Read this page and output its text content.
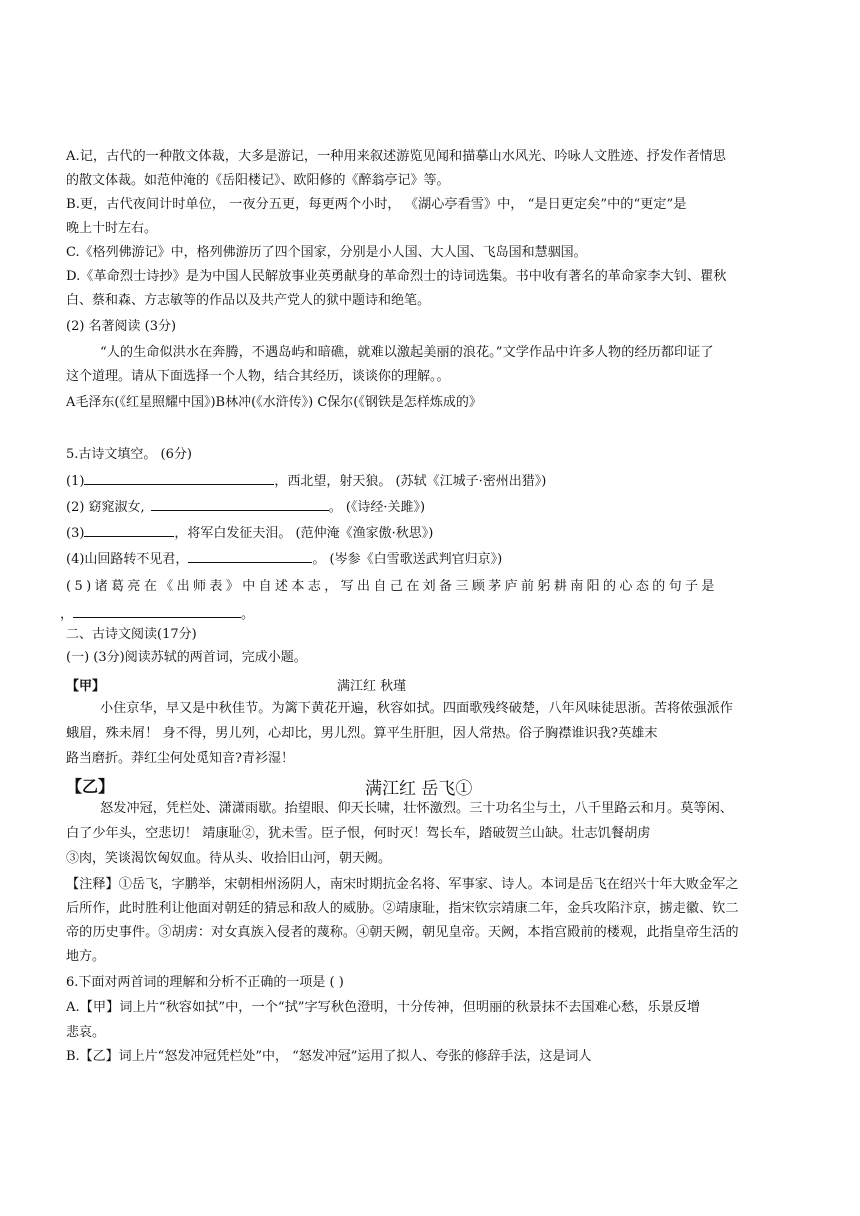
A.记，古代的一种散文体裁，大多是游记，一种用来叙述游览见闻和描摹山水风光、吟咏人文胜迹、抒发作者情思
的散文体裁。如范仲淹的《岳阳楼记》、欧阳修的《醉翁亭记》等。
B.更，古代夜间计时单位， 一夜分五更，每更两个小时， 《湖心亭看雪》中， “是日更定矣”中的“更定”是
晚上十时左右。
C.《格列佛游记》中，格列佛游历了四个国家，分别是小人国、大人国、飞岛国和慧骃国。
D.《革命烈士诗抄》是为中国人民解放事业英勇献身的革命烈士的诗词选集。书中收有著名的革命家李大钊、瞿秋
白、蔡和森、方志敏等的作品以及共产党人的狱中题诗和绝笔。
(2) 名著阅读 (3分)
“人的生命似洪水在奔腾，不遇岛屿和暗礁，就难以激起美丽的浪花。”文学作品中许多人物的经历都印证了
这个道理。请从下面选择一个人物，结合其经历，谈谈你的理解。。
A毛泽东(《红星照耀中国》)B林冲(《水浒传》) C保尔(《钢铁是怎样炼成的》
5.古诗文填空。 (6分)
(1)	，西北望，射天狼。 (苏轼《江城子·密州出猎》)
(2) 窈窕淑女,	。 (《诗经·关雎》)
(3)	，将军白发征夫泪。 (范仲淹《渔家傲·秋思》)
(4)山回路转不见君，	。 (岑参《白雪歌送武判官归京》)
(5)诸葛亮在《出师表》中自述本志，写出自己在刘备三顾茅庐前躬耕南阳的心态的句子是
，	。
二、古诗文阅读(17分)
(一) (3分)阅读苏轼的两首词，完成小题。
【甲】	满江红 秋瑾
小住京华，早又是中秋佳节。为篱下黄花开遍，秋容如拭。四面歌残终破楚，八年风味徒思浙。苦将侬强派作
蛾眉，殊未屑！ 身不得，男儿列，心却比，男儿烈。算平生肝胆，因人常热。俗子胸襟谁识我?英雄末
路当磨折。莽红尘何处觅知音?青衫湿！
【乙】	满江红 岳飞①
怒发冲冠，凭栏处、潇潇雨歇。抬望眼、仰天长啸，壮怀激烈。三十功名尘与土，八千里路云和月。莫等闲、
白了少年头，空悲切！ 靖康耻②，犹未雪。臣子恨，何时灭！驾长车，踏破贺兰山缺。壮志饥餐胡虏
③肉，笑谈渴饮匈奴血。待从头、收拾旧山河，朝天阙。
【注释】①岳飞，字鹏举，宋朝相州汤阴人，南宋时期抗金名将、军事家、诗人。本词是岳飞在绍兴十年大败金军之
后所作，此时胜利让他面对朝廷的猜忌和敌人的威胁。②靖康耻，指宋钦宗靖康二年，金兵攻陷汴京，掳走徽、钦二
帝的历史事件。③胡虏：对女真族入侵者的蔑称。④朝天阙，朝见皇帝。天阙，本指宫殿前的楼观，此指皇帝生活的
地方。
6.下面对两首词的理解和分析不正确的一项是 ( )
A.【甲】词上片“秋容如拭”中，一个“拭”字写秋色澄明，十分传神，但明丽的秋景抹不去国难心愁，乐景反增
悲哀。
B.【乙】词上片“怒发冲冠凭栏处”中， “怒发冲冠”运用了拟人、夸张的修辞手法，这是词人
